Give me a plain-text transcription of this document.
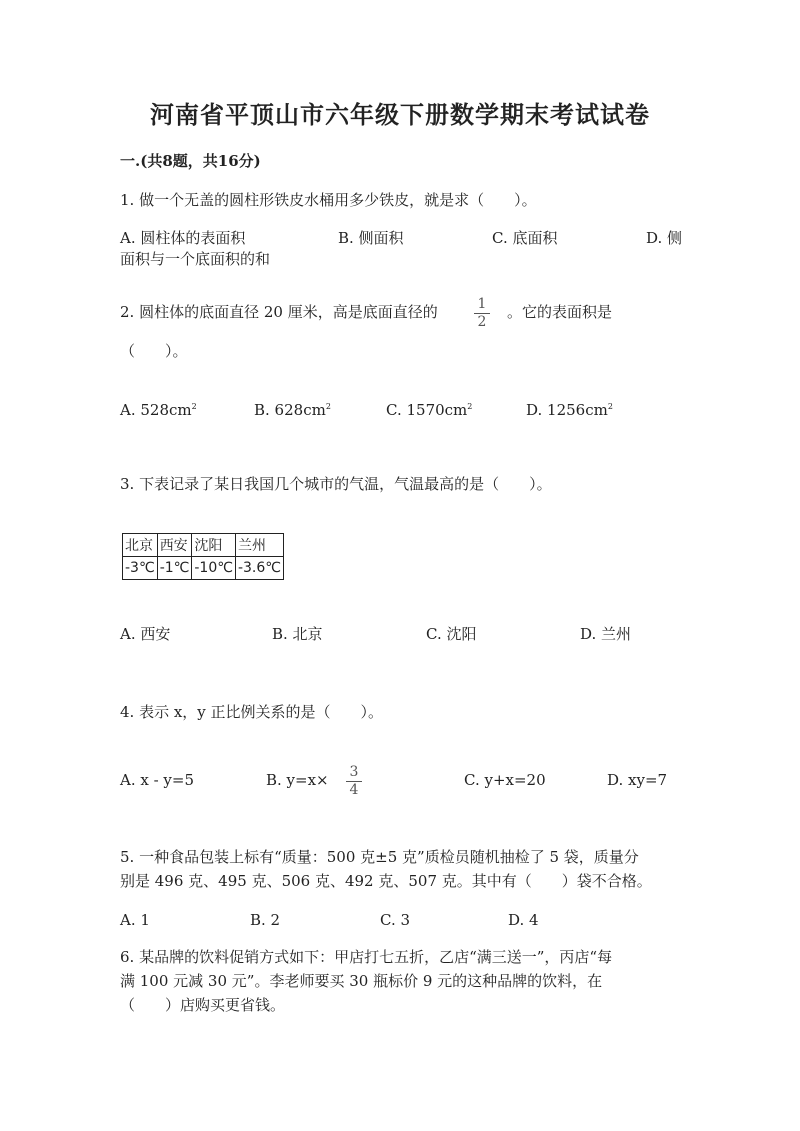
河南省平顶山市六年级下册数学期末考试试卷
一.(共8题，共16分)
1. 做一个无盖的圆柱形铁皮水桶用多少铁皮，就是求（　　）。
A. 圆柱体的表面积	B. 侧面积	C. 底面积	D. 侧
面积与一个底面积的和
2. 圆柱体的底面直径 20 厘米，高是底面直径的	1
2
。它的表面积是
（　　）。
A. $528cm^2$	B. $628cm^2$	C. $1570cm^2$	D. $1256cm^2$
3. 下表记录了某日我国几个城市的气温，气温最高的是（　　）。
北京	西安	沈阳	兰州
-3℃	-1℃	-10℃	-3.6℃
A. 西安	B. 北京	C. 沈阳	D. 兰州
4. 表示 x，y 正比例关系的是（　　）。
A. x - y=5	B. y=x× 3
4
C. y+x=20	D. xy=7
5. 一种食品包装上标有“质量：500 克±5 克”质检员随机抽检了 5 袋，质量分
别是 496 克、495 克、506 克、492 克、507 克。其中有（　　）袋不合格。
A. 1	B. 2	C. 3	D. 4
6. 某品牌的饮料促销方式如下：甲店打七五折，乙店“满三送一”，丙店“每
满 100 元减 30 元”。李老师要买 30 瓶标价 9 元的这种品牌的饮料，在
（　　）店购买更省钱。
